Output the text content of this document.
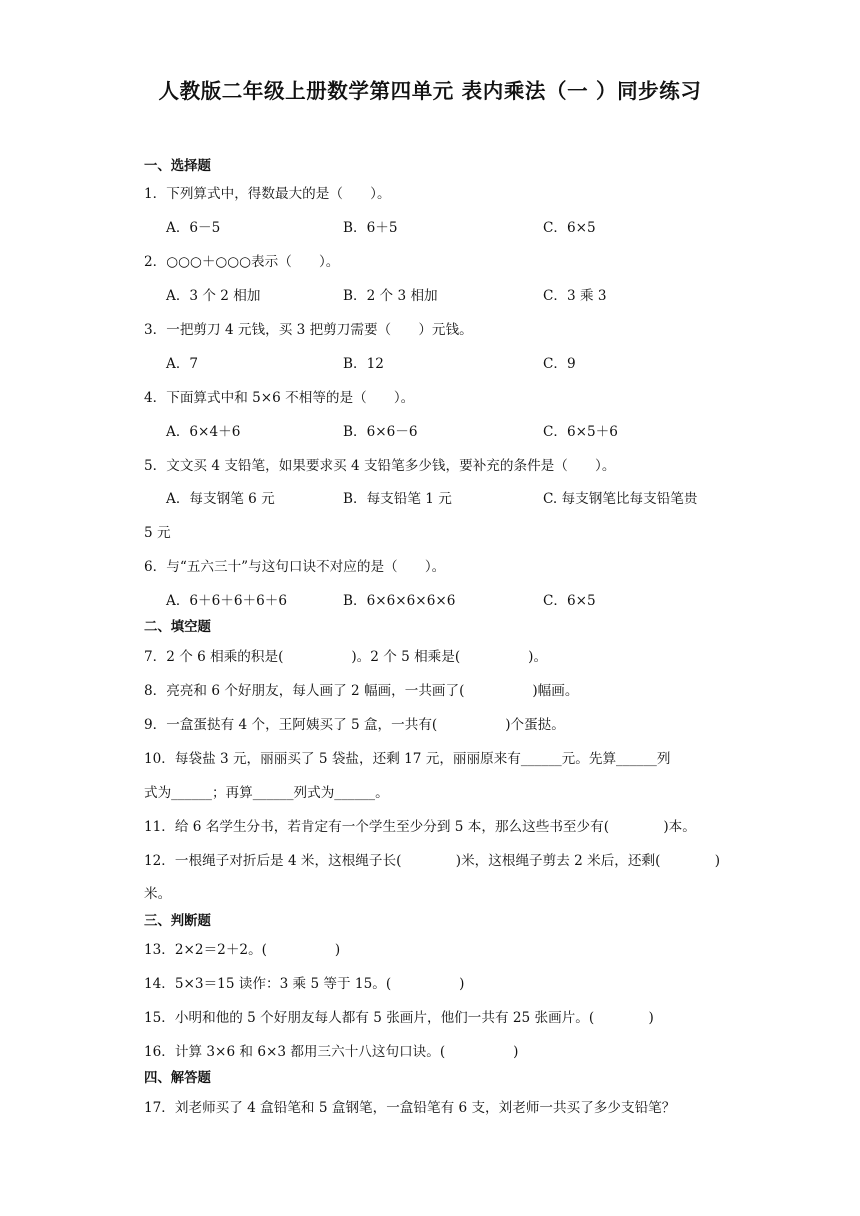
人教版二年级上册数学第四单元 表内乘法（一 ）同步练习
一、选择题
1．下列算式中，得数最大的是（　　）。
A．6－5	B．6＋5	C．6×5
2．○○○＋○○○表示（　　）。
A．3 个 2 相加	B．2 个 3 相加	C．3 乘 3
3．一把剪刀 4 元钱，买 3 把剪刀需要（　　）元钱。
A．7	B．12	C．9
4．下面算式中和 5×6 不相等的是（　　）。
A．6×4＋6	B．6×6－6	C．6×5＋6
5．文文买 4 支铅笔，如果要求买 4 支铅笔多少钱，要补充的条件是（　　）。
A．每支钢笔 6 元	B．每支铅笔 1 元	C. 每支钢笔比每支铅笔贵
5 元
6．与“五六三十”与这句口诀不对应的是（　　）。
A．6＋6＋6＋6＋6	B．6×6×6×6×6	C．6×5
二、填空题
7．2 个 6 相乘的积是(　　　　　)。2 个 5 相乘是(　　　　　)。
8．亮亮和 6 个好朋友，每人画了 2 幅画，一共画了(　　　　　)幅画。
9．一盒蛋挞有 4 个，王阿姨买了 5 盒，一共有(　　　　　)个蛋挞。
10．每袋盐 3 元，丽丽买了 5 袋盐，还剩 17 元，丽丽原来有______元。先算______列
式为______；再算______列式为______。
11．给 6 名学生分书，若肯定有一个学生至少分到 5 本，那么这些书至少有(　　　　)本。
12．一根绳子对折后是 4 米，这根绳子长(　　　　)米，这根绳子剪去 2 米后，还剩(　　　　)
米。
三、判断题
13．2×2＝2＋2。(　　　　　)
14．5×3＝15 读作：3 乘 5 等于 15。(　　　　　)
15．小明和他的 5 个好朋友每人都有 5 张画片，他们一共有 25 张画片。(　　　　)
16．计算 3×6 和 6×3 都用三六十八这句口诀。(　　　　　)
四、解答题
17．刘老师买了 4 盒铅笔和 5 盒钢笔，一盒铅笔有 6 支，刘老师一共买了多少支铅笔？
